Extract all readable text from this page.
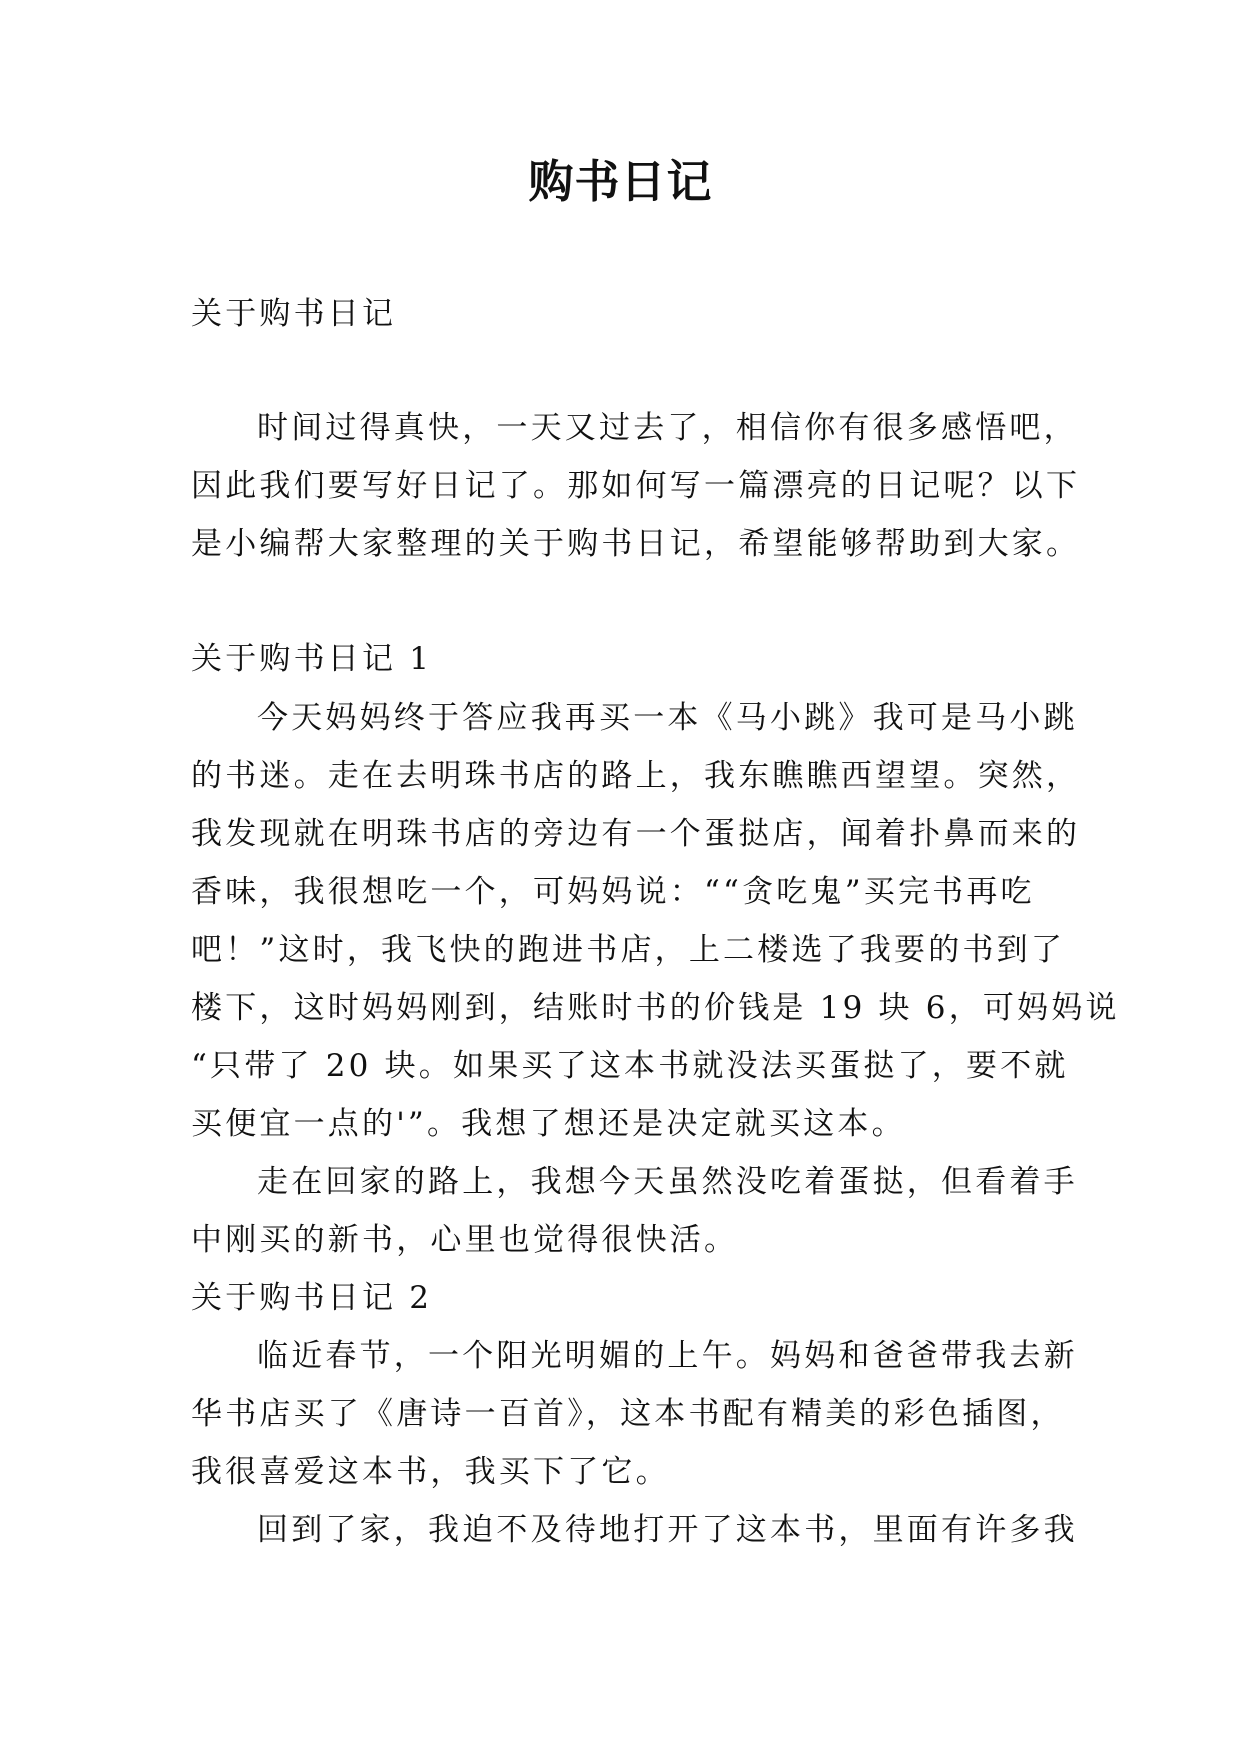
购书日记
关于购书日记
时间过得真快，一天又过去了，相信你有很多感悟吧，
因此我们要写好日记了。那如何写一篇漂亮的日记呢？以下
是小编帮大家整理的关于购书日记，希望能够帮助到大家。
关于购书日记 1
今天妈妈终于答应我再买一本《马小跳》我可是马小跳
的书迷。走在去明珠书店的路上，我东瞧瞧西望望。突然，
我发现就在明珠书店的旁边有一个蛋挞店，闻着扑鼻而来的
香味，我很想吃一个，可妈妈说：““贪吃鬼”买完书再吃
吧！”这时，我飞快的跑进书店，上二楼选了我要的书到了
楼下，这时妈妈刚到，结账时书的价钱是 19 块 6，可妈妈说
“只带了 20 块。如果买了这本书就没法买蛋挞了，要不就
买便宜一点的'”。我想了想还是决定就买这本。
走在回家的路上，我想今天虽然没吃着蛋挞，但看着手
中刚买的新书，心里也觉得很快活。
关于购书日记 2
临近春节，一个阳光明媚的上午。妈妈和爸爸带我去新
华书店买了《唐诗一百首》，这本书配有精美的彩色插图，
我很喜爱这本书，我买下了它。
回到了家，我迫不及待地打开了这本书，里面有许多我
